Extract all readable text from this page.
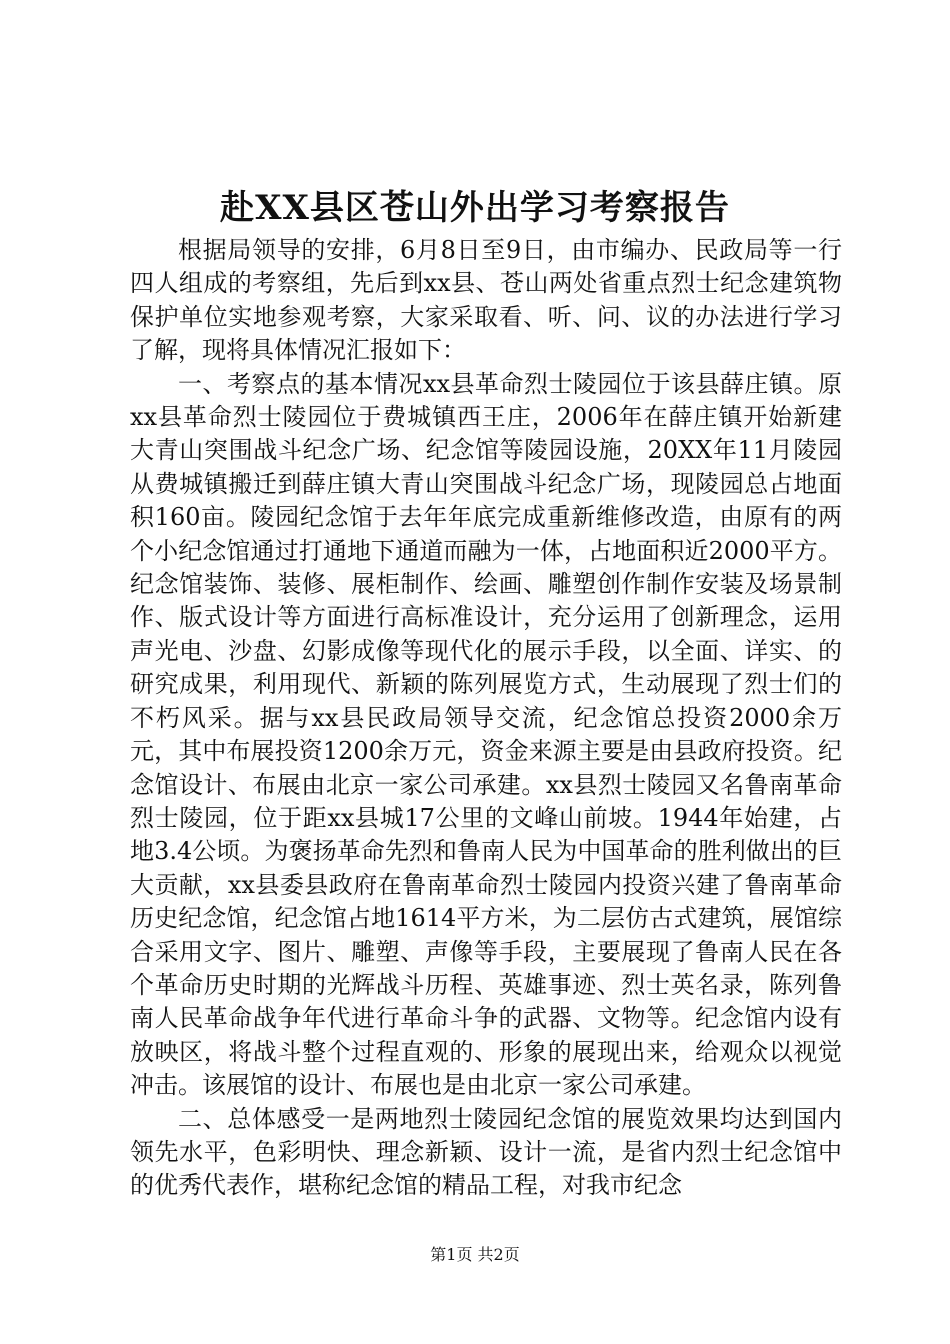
赴XX县区苍山外出学习考察报告

根据局领导的安排，6月8日至9日，由市编办、民政局等一行四人组成的考察组，先后到xx县、苍山两处省重点烈士纪念建筑物保护单位实地参观考察，大家采取看、听、问、议的办法进行学习了解，现将具体情况汇报如下：

一、考察点的基本情况xx县革命烈士陵园位于该县薛庄镇。原xx县革命烈士陵园位于费城镇西王庄，2006年在薛庄镇开始新建大青山突围战斗纪念广场、纪念馆等陵园设施，20XX年11月陵园从费城镇搬迁到薛庄镇大青山突围战斗纪念广场，现陵园总占地面积160亩。陵园纪念馆于去年年底完成重新维修改造，由原有的两个小纪念馆通过打通地下通道而融为一体，占地面积近2000平方。纪念馆装饰、装修、展柜制作、绘画、雕塑创作制作安装及场景制作、版式设计等方面进行高标准设计，充分运用了创新理念，运用声光电、沙盘、幻影成像等现代化的展示手段，以全面、详实、的研究成果，利用现代、新颖的陈列展览方式，生动展现了烈士们的不朽风采。据与xx县民政局领导交流，纪念馆总投资2000余万元，其中布展投资1200余万元，资金来源主要是由县政府投资。纪念馆设计、布展由北京一家公司承建。xx县烈士陵园又名鲁南革命烈士陵园，位于距xx县城17公里的文峰山前坡。1944年始建，占地3.4公顷。为褒扬革命先烈和鲁南人民为中国革命的胜利做出的巨大贡献，xx县委县政府在鲁南革命烈士陵园内投资兴建了鲁南革命历史纪念馆，纪念馆占地1614平方米，为二层仿古式建筑，展馆综合采用文字、图片、雕塑、声像等手段，主要展现了鲁南人民在各个革命历史时期的光辉战斗历程、英雄事迹、烈士英名录，陈列鲁南人民革命战争年代进行革命斗争的武器、文物等。纪念馆内设有放映区，将战斗整个过程直观的、形象的展现出来，给观众以视觉冲击。该展馆的设计、布展也是由北京一家公司承建。

二、总体感受一是两地烈士陵园纪念馆的展览效果均达到国内领先水平，色彩明快、理念新颖、设计一流，是省内烈士纪念馆中的优秀代表作，堪称纪念馆的精品工程，对我市纪念

第1页 共2页
